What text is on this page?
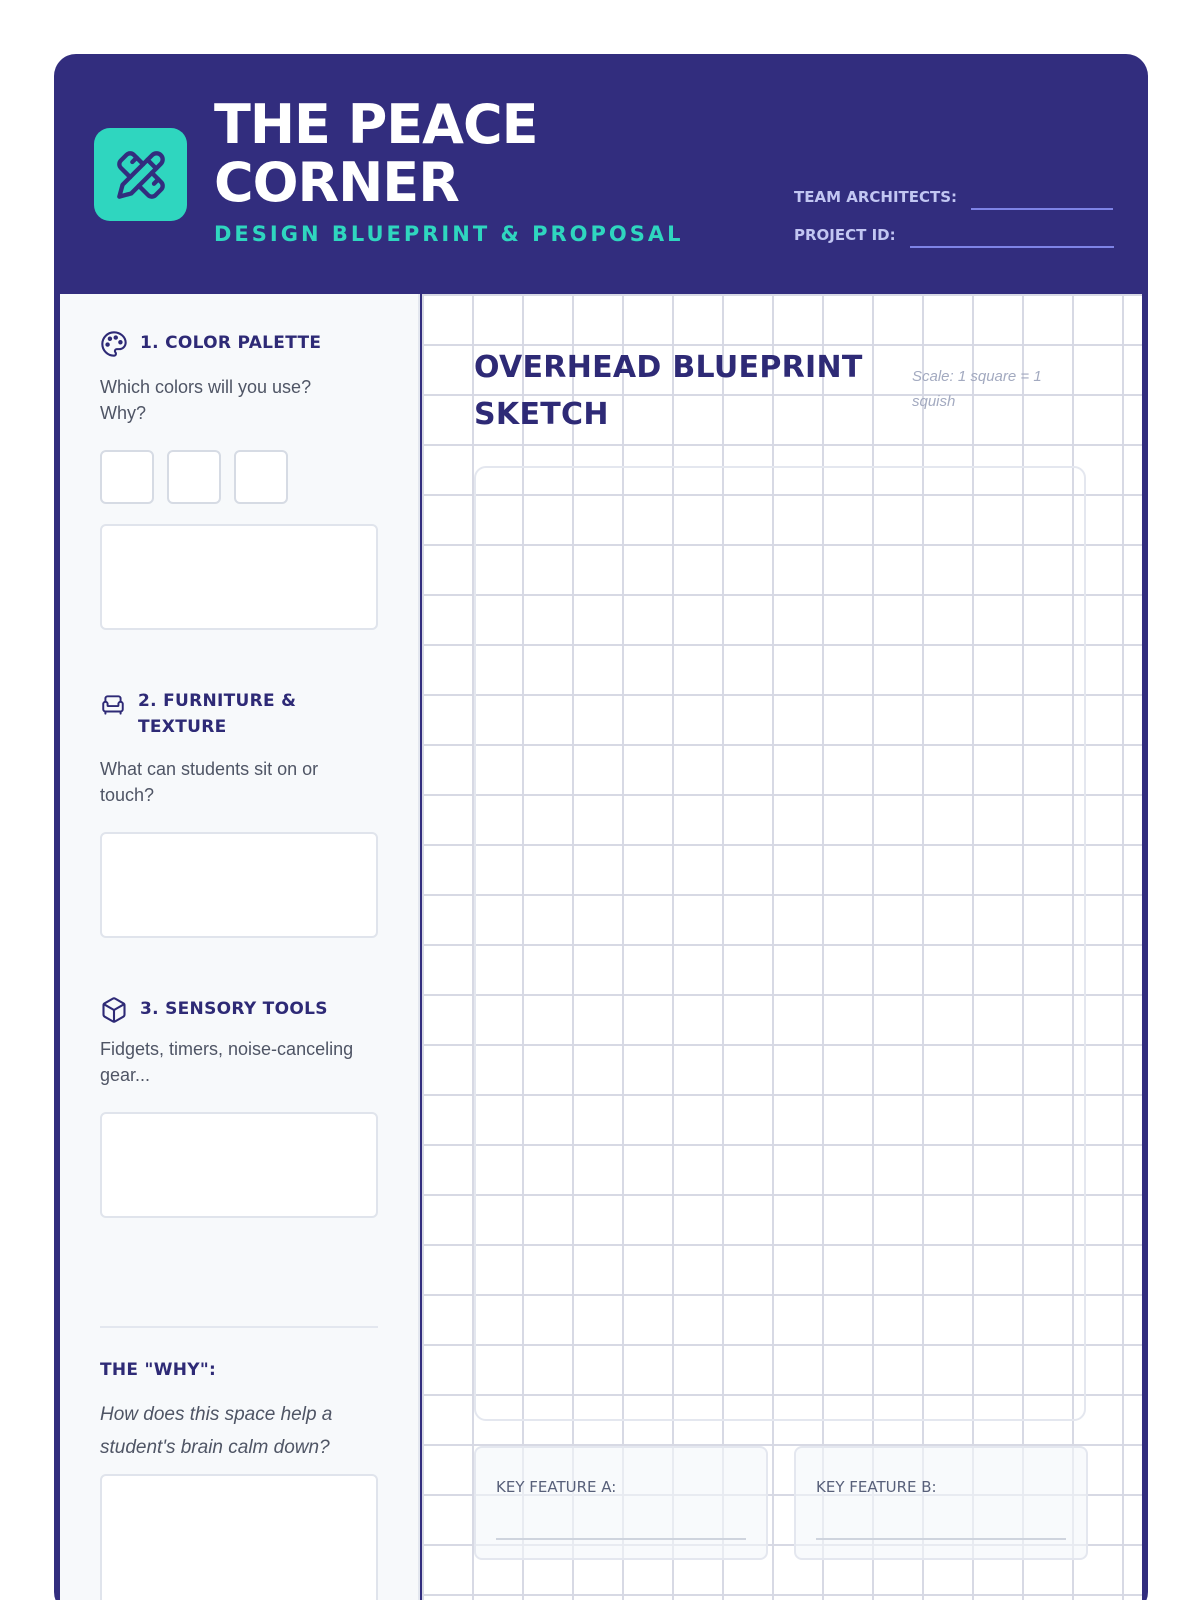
THE PEACE CORNER
DESIGN BLUEPRINT & PROPOSAL
TEAM ARCHITECTS:
PROJECT ID:
1. COLOR PALETTE
Which colors will you use? Why?
2. FURNITURE & TEXTURE
What can students sit on or touch?
3. SENSORY TOOLS
Fidgets, timers, noise-canceling gear...
THE "WHY":
How does this space help a student's brain calm down?
OVERHEAD BLUEPRINT SKETCH
Scale: 1 square = 1 squish
KEY FEATURE A:	KEY FEATURE B:
